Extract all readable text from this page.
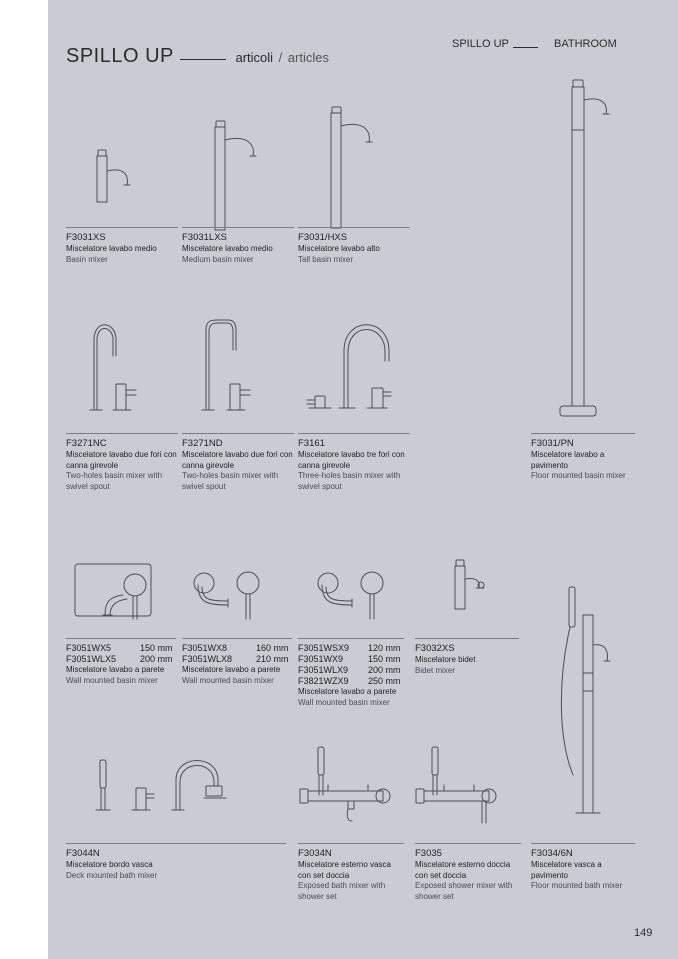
SPILLO UP	articoli / articles
SPILLO UP	BATHROOM
F3031XS
Miscelatore lavabo medio
Basin mixer
F3031LXS
Miscelatore lavabo medio
Medium basin mixer
F3031/HXS
Miscelatore lavabo alto
Tall basin mixer
F3271NC
Miscelatore lavabo due fori con canna girevole
Two-holes basin mixer with swivel spout
F3271ND
Miscelatore lavabo due fori con canna girevole
Two-holes basin mixer with swivel spout
F3161
Miscelatore lavabo tre fori con canna girevole
Three-holes basin mixer with swivel spout
F3031/PN
Miscelatore lavabo a pavimento
Floor mounted basin mixer
F3051WX5	150 mm
F3051WLX5	200 mm
Miscelatore lavabo a parete
Wall mounted basin mixer
F3051WX8	160 mm
F3051WLX8	210 mm
Miscelatore lavabo a parete
Wall mounted basin mixer
F3051WSX9 120 mm
F3051WX9	150 mm
F3051WLX9 200 mm
F3821WZX9 250 mm
Miscelatore lavabo a parete
Wall mounted basin mixer
F3032XS
Miscelatore bidet
Bidet mixer
F3044N
Miscelatore bordo vasca
Deck mounted bath mixer
F3034N
Miscelatore esterno vasca con set doccia
Exposed bath mixer with shower set
F3035
Miscelatore esterno doccia con set doccia
Exposed shower mixer with shower set
F3034/6N
Miscelatore vasca a pavimento
Floor mounted bath mixer
149
